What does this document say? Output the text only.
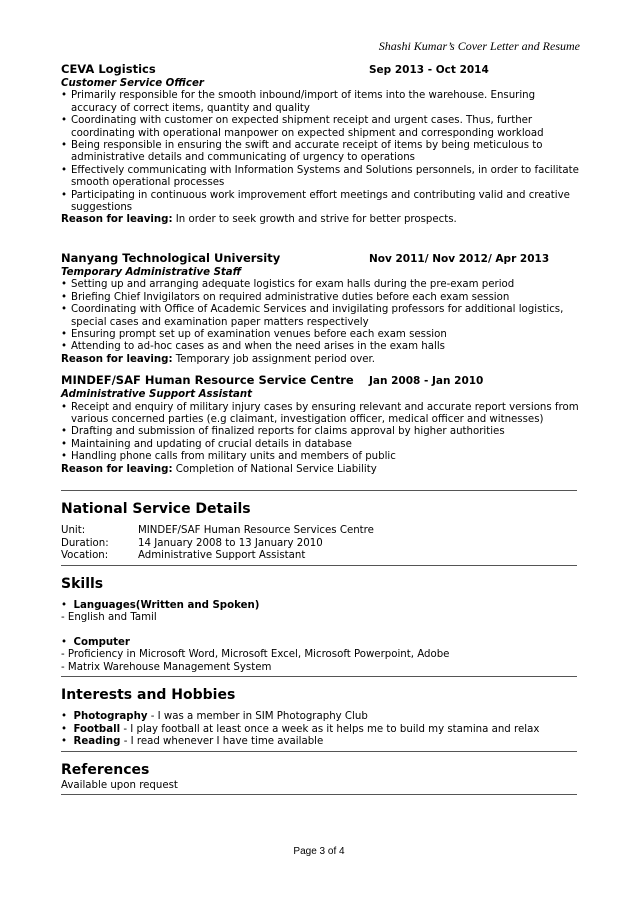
Shashi Kumar’s Cover Letter and Resume
CEVA Logistics	Sep 2013 - Oct 2014
Customer Service Officer
• Primarily responsible for the smooth inbound/import of items into the warehouse. Ensuring accuracy of correct items, quantity and quality
• Coordinating with customer on expected shipment receipt and urgent cases. Thus, further coordinating with operational manpower on expected shipment and corresponding workload
• Being responsible in ensuring the swift and accurate receipt of items by being meticulous to administrative details and communicating of urgency to operations
• Effectively communicating with Information Systems and Solutions personnels, in order to facilitate smooth operational processes
• Participating in continuous work improvement effort meetings and contributing valid and creative suggestions
Reason for leaving: In order to seek growth and strive for better prospects.
Nanyang Technological University	Nov 2011/ Nov 2012/ Apr 2013
Temporary Administrative Staff
• Setting up and arranging adequate logistics for exam halls during the pre-exam period
• Briefing Chief Invigilators on required administrative duties before each exam session
• Coordinating with Office of Academic Services and invigilating professors for additional logistics, special cases and examination paper matters respectively
• Ensuring prompt set up of examination venues before each exam session
• Attending to ad-hoc cases as and when the need arises in the exam halls
Reason for leaving: Temporary job assignment period over.
MINDEF/SAF Human Resource Service Centre Jan 2008 - Jan 2010
Administrative Support Assistant
• Receipt and enquiry of military injury cases by ensuring relevant and accurate report versions from various concerned parties (e.g claimant, investigation officer, medical officer and witnesses)
• Drafting and submission of finalized reports for claims approval by higher authorities
• Maintaining and updating of crucial details in database
• Handling phone calls from military units and members of public
Reason for leaving: Completion of National Service Liability
National Service Details
Unit:	MINDEF/SAF Human Resource Services Centre
Duration:	14 January 2008 to 13 January 2010
Vocation:	Administrative Support Assistant
Skills
• Languages(Written and Spoken)
- English and Tamil
• Computer
- Proficiency in Microsoft Word, Microsoft Excel, Microsoft Powerpoint, Adobe
- Matrix Warehouse Management System
Interests and Hobbies
• Photography - I was a member in SIM Photography Club
• Football - I play football at least once a week as it helps me to build my stamina and relax
• Reading - I read whenever I have time available
References
Available upon request
Page 3 of 4
